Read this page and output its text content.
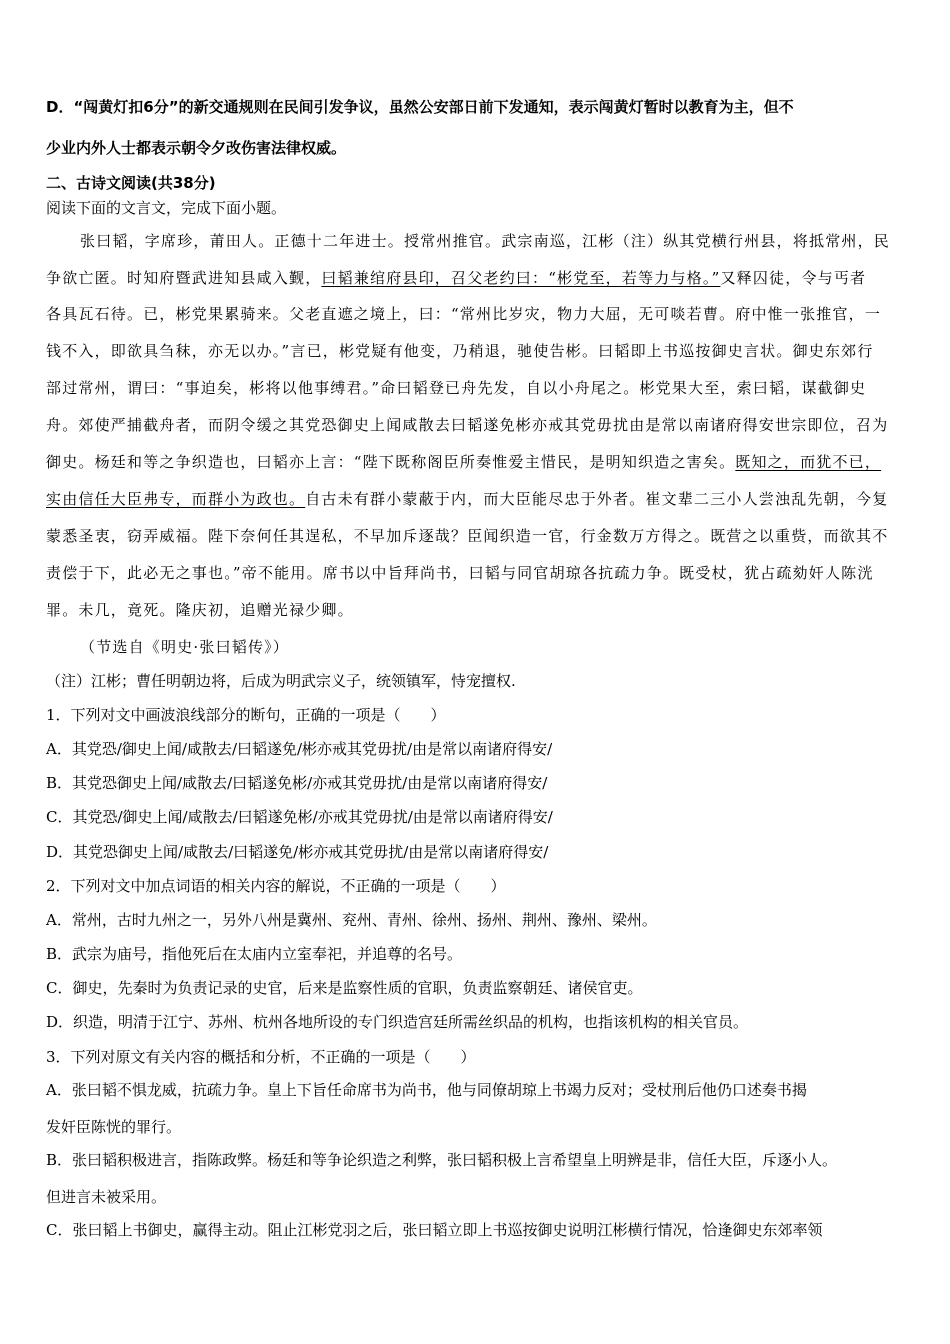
D．“闯黄灯扣6分”的新交通规则在民间引发争议，虽然公安部日前下发通知，表示闯黄灯暂时以教育为主，但不
少业内外人士都表示朝令夕改伤害法律权威。
二、古诗文阅读(共38分)
阅读下面的文言文，完成下面小题。
张曰韬，字席珍，莆田人。正德十二年进士。授常州推官。武宗南巡，江彬（注）纵其党横行州县，将抵常州，民
争欲亡匿。时知府暨武进知县咸入觐，曰韬兼绾府县印，召父老约曰：“彬党至，若等力与格。”又释囚徒，令与丐者
各具瓦石待。已，彬党果累骑来。父老直遮之境上，曰：“常州比岁灾，物力大屈，无可啖若曹。府中惟一张推官，一
钱不入，即欲具刍秣，亦无以办。”言已，彬党疑有他变，乃稍退，驰使告彬。曰韬即上书巡按御史言状。御史东郊行
部过常州，谓曰：“事迫矣，彬将以他事缚君。”命曰韬登已舟先发，自以小舟尾之。彬党果大至，索曰韬，谋截御史
舟。郊使严捕截舟者，而阴令缓之其党恐御史上闻咸散去曰韬遂免彬亦戒其党毋扰由是常以南诸府得安世宗即位，召为
御史。杨廷和等之争织造也，曰韬亦上言：“陛下既称阁臣所奏惟爱主惜民，是明知织造之害矣。既知之，而犹不已，
实由信任大臣弗专，而群小为政也。自古未有群小蒙蔽于内，而大臣能尽忠于外者。崔文辈二三小人尝浊乱先朝，今复
蒙悉圣衷，窃弄威福。陛下奈何任其逞私，不早加斥逐哉？臣闻织造一官，行金数万方得之。既营之以重赀，而欲其不
责偿于下，此必无之事也。”帝不能用。席书以中旨拜尚书，曰韬与同官胡琼各抗疏力争。既受杖，犹占疏劾奸人陈洸
罪。未几，竟死。隆庆初，追赠光禄少卿。
（节选自《明史·张曰韬传》）
（注）江彬；曹任明朝边将，后成为明武宗义子，统领镇军，恃宠擅权.
1．下列对文中画波浪线部分的断句，正确的一项是（　　）
A．其党恐/御史上闻/咸散去/曰韬遂免/彬亦戒其党毋扰/由是常以南诸府得安/
B．其党恐御史上闻/咸散去/曰韬遂免彬/亦戒其党毋扰/由是常以南诸府得安/
C．其党恐/御史上闻/咸散去/曰韬遂免彬/亦戒其党毋扰/由是常以南诸府得安/
D．其党恐御史上闻/咸散去/曰韬遂免/彬亦戒其党毋扰/由是常以南诸府得安/
2．下列对文中加点词语的相关内容的解说，不正确的一项是（　　）
A．常州，古时九州之一，另外八州是冀州、兖州、青州、徐州、扬州、荆州、豫州、梁州。
B．武宗为庙号，指他死后在太庙内立室奉祀，并追尊的名号。
C．御史，先秦时为负责记录的史官，后来是监察性质的官职，负责监察朝廷、诸侯官吏。
D．织造，明清于江宁、苏州、杭州各地所设的专门织造宫廷所需丝织品的机构，也指该机构的相关官员。
3．下列对原文有关内容的概括和分析，不正确的一项是（　　）
A．张曰韬不惧龙威，抗疏力争。皇上下旨任命席书为尚书，他与同僚胡琼上书竭力反对；受杖刑后他仍口述奏书揭
发奸臣陈恍的罪行。
B．张曰韬积极进言，指陈政弊。杨廷和等争论织造之利弊，张曰韬积极上言希望皇上明辨是非，信任大臣，斥逐小人。
但进言未被采用。
C．张曰韬上书御史，赢得主动。阻止江彬党羽之后，张曰韬立即上书巡按御史说明江彬横行情况，恰逢御史东郊率领
